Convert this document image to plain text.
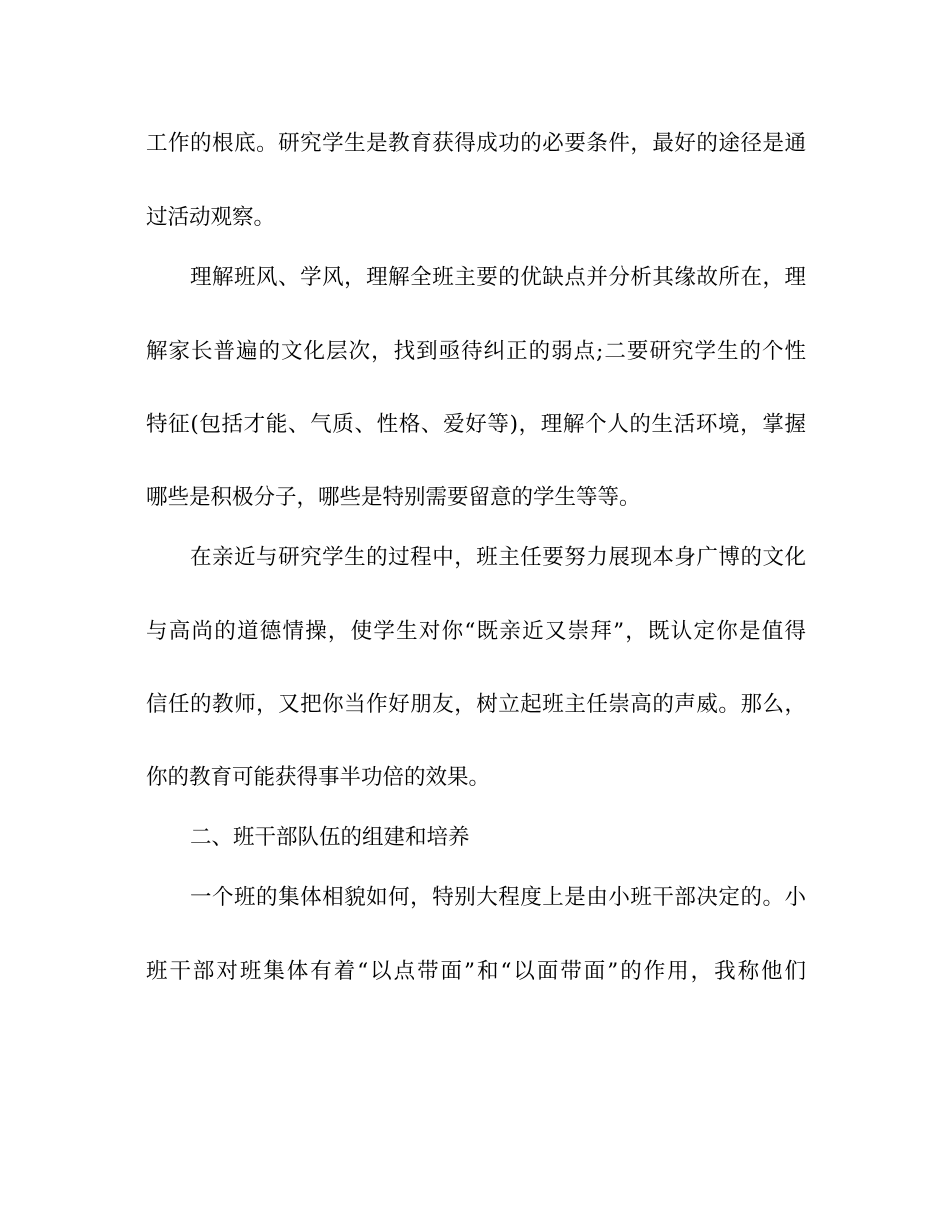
工作的根底。研究学生是教育获得成功的必要条件，最好的途径是通
过活动观察。
理解班风、学风，理解全班主要的优缺点并分析其缘故所在，理
解家长普遍的文化层次，找到亟待纠正的弱点;二要研究学生的个性
特征(包括才能、气质、性格、爱好等)，理解个人的生活环境，掌握
哪些是积极分子，哪些是特别需要留意的学生等等。
在亲近与研究学生的过程中，班主任要努力展现本身广博的文化
与高尚的道德情操，使学生对你“既亲近又崇拜”，既认定你是值得
信任的教师，又把你当作好朋友，树立起班主任崇高的声威。那么，
你的教育可能获得事半功倍的效果。
二、班干部队伍的组建和培养
一个班的集体相貌如何，特别大程度上是由小班干部决定的。小
班干部对班集体有着“以点带面”和“以面带面”的作用，我称他们
